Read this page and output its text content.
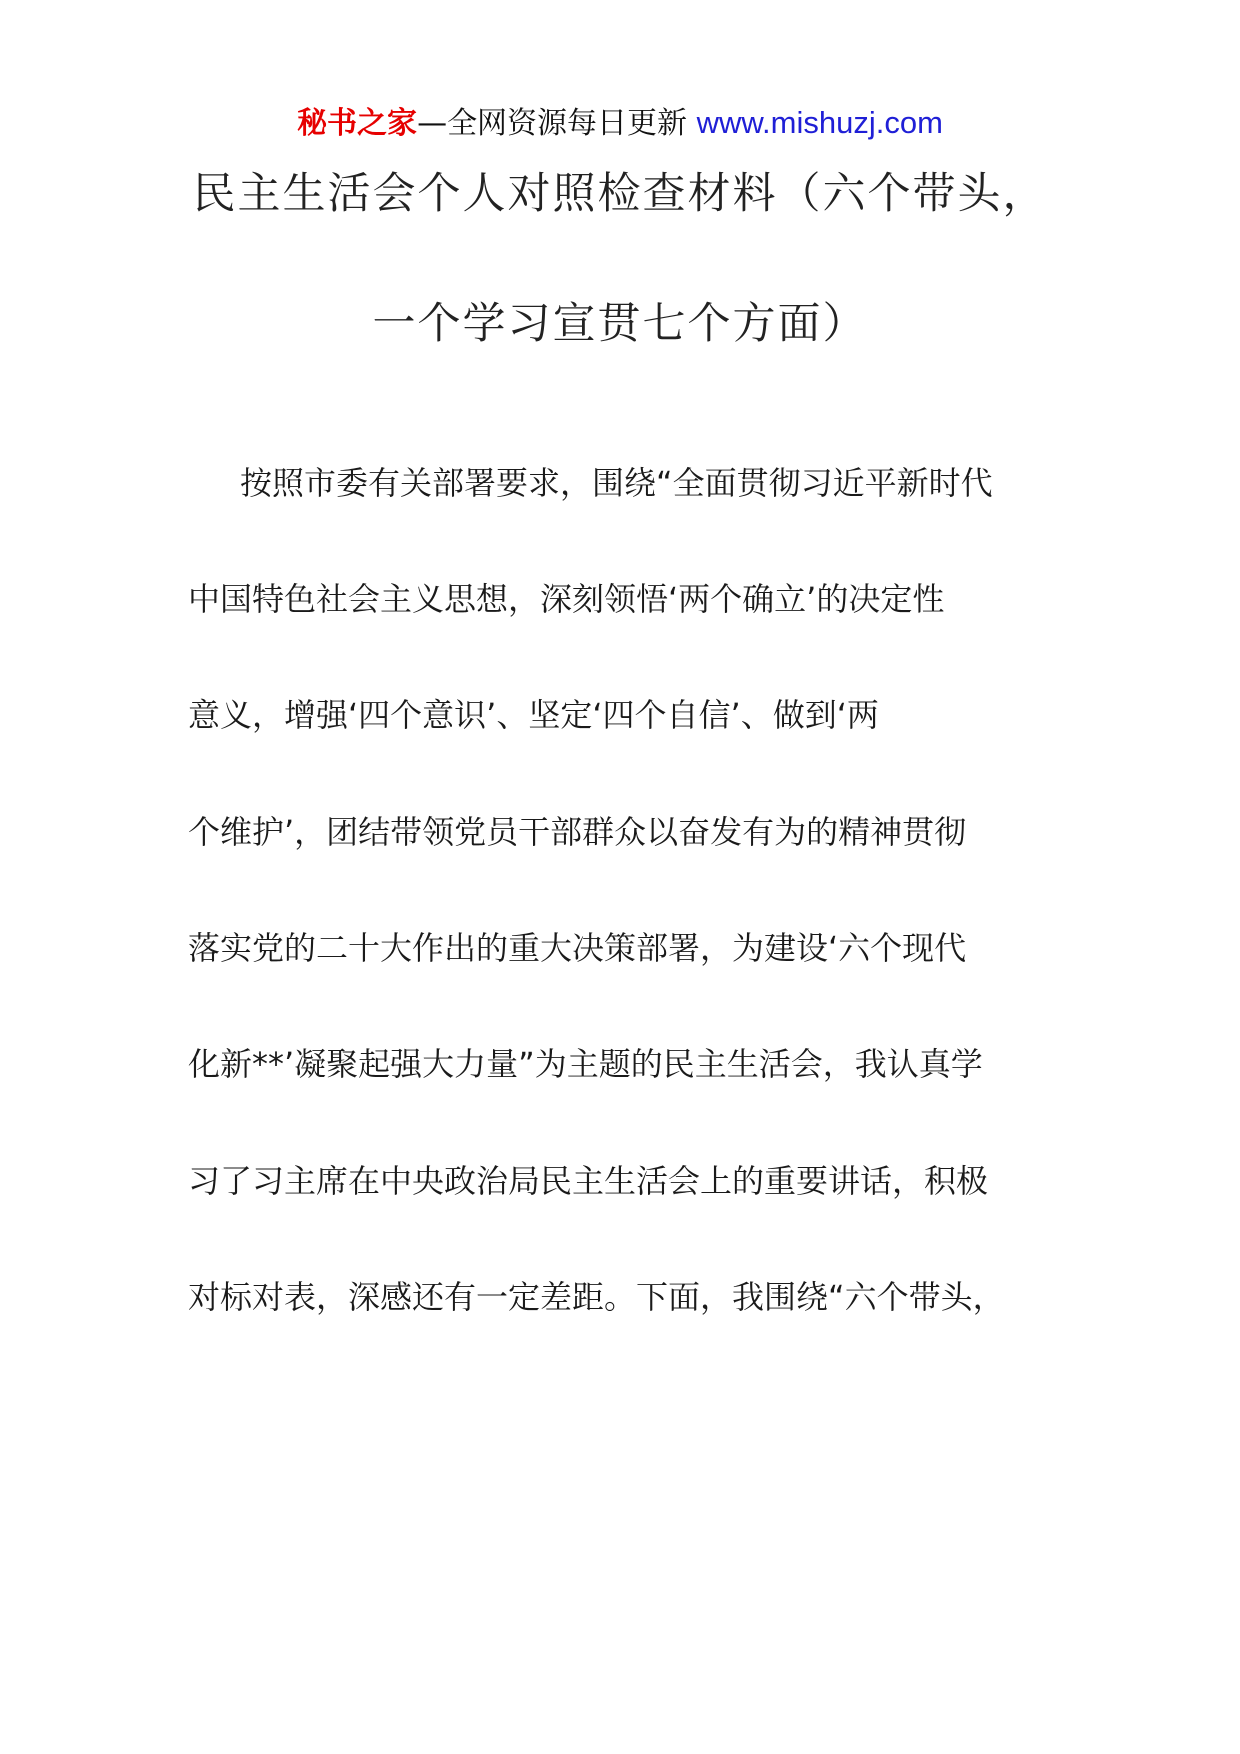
秘书之家—全网资源每日更新 www.mishuzj.com
民主生活会个人对照检查材料（六个带头，
一个学习宣贯七个方面）
按照市委有关部署要求，围绕“全面贯彻习近平新时代
中国特色社会主义思想，深刻领悟‘两个确立’的决定性
意义，增强‘四个意识’、坚定‘四个自信’、做到‘两
个维护’，团结带领党员干部群众以奋发有为的精神贯彻
落实党的二十大作出的重大决策部署，为建设‘六个现代
化新**’凝聚起强大力量”为主题的民主生活会，我认真学
习了习主席在中央政治局民主生活会上的重要讲话，积极
对标对表，深感还有一定差距。下面，我围绕“六个带头，
